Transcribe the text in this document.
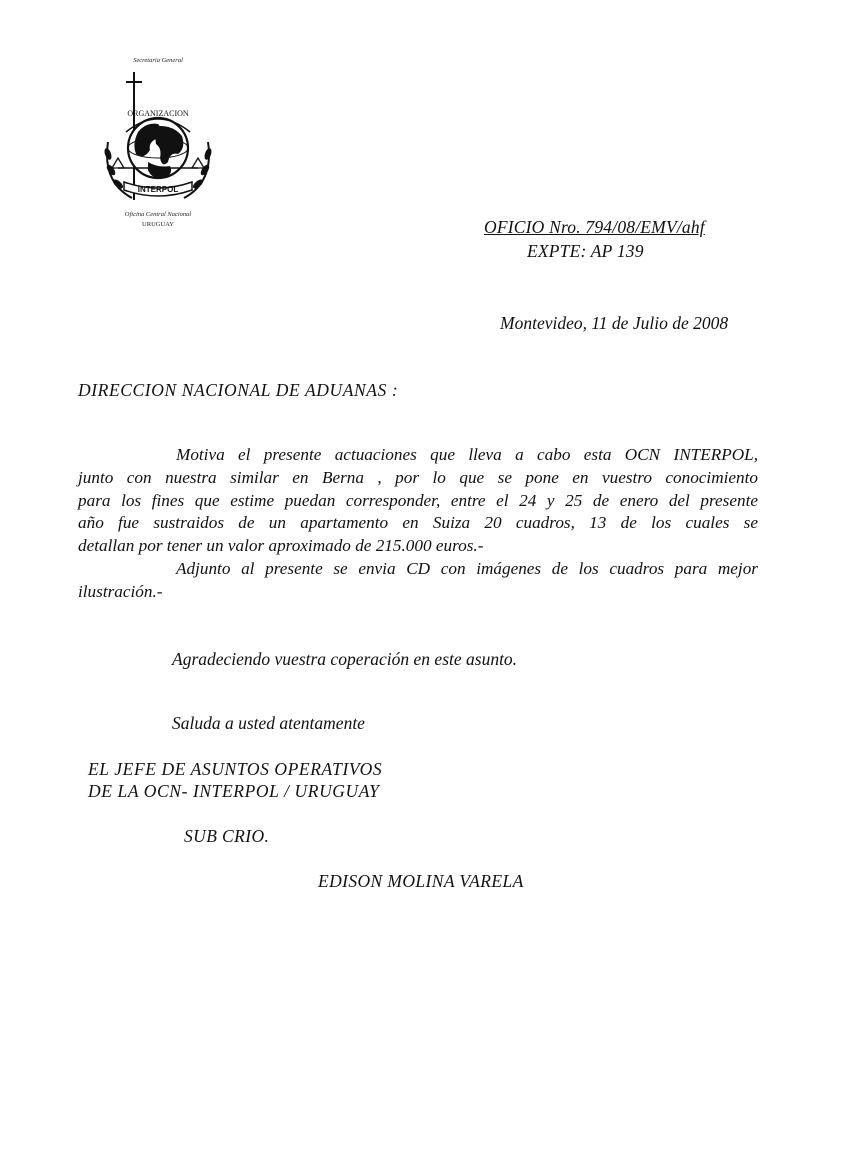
Secretaria General
ORGANIZACION
INTERPOL
Oficina Central Nacional
URUGUAY	OFICIO Nro. 794/08/EMV/ahf
EXPTE: AP 139
Montevideo, 11 de Julio de 2008
DIRECCION NACIONAL DE ADUANAS :

Motiva el presente actuaciones que lleva a cabo esta OCN INTERPOL,
junto con nuestra similar en Berna , por lo que se pone en vuestro conocimiento
para los fines que estime puedan corresponder, entre el 24 y 25 de enero del presente
año fue sustraidos de un apartamento en Suiza 20 cuadros, 13 de los cuales se
detallan por tener un valor aproximado de 215.000 euros.-

Adjunto al presente se envia CD con imágenes de los cuadros para mejor
ilustración.-

Agradeciendo vuestra coperación en este asunto.
Saluda a usted atentamente
EL JEFE DE ASUNTOS OPERATIVOS
DE LA OCN- INTERPOL / URUGUAY
SUB CRIO.
EDISON MOLINA VARELA
